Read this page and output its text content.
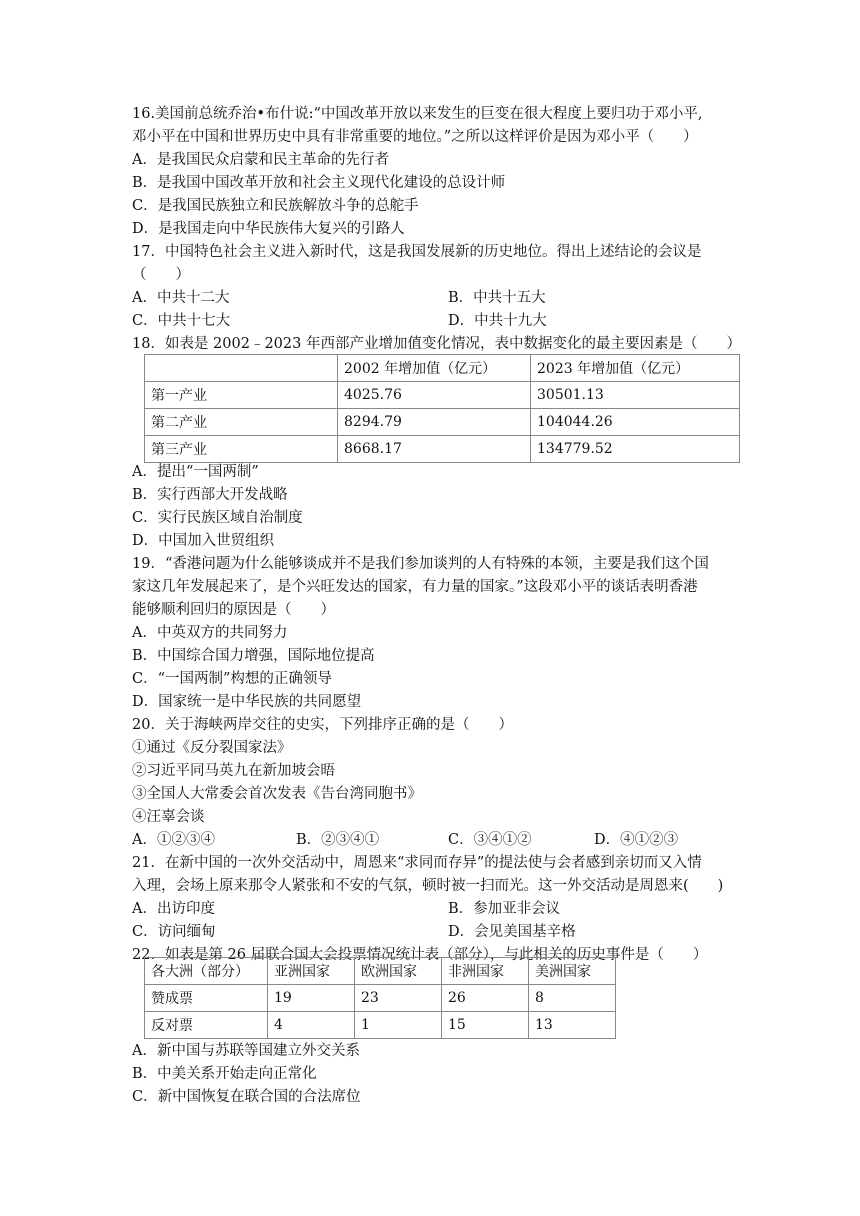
16.美国前总统乔治•布什说:“中国改革开放以来发生的巨变在很大程度上要归功于邓小平,
邓小平在中国和世界历史中具有非常重要的地位。”之所以这样评价是因为邓小平（　　）
A．是我国民众启蒙和民主革命的先行者
B．是我国中国改革开放和社会主义现代化建设的总设计师
C．是我国民族独立和民族解放斗争的总舵手
D．是我国走向中华民族伟大复兴的引路人
17．中国特色社会主义进入新时代，这是我国发展新的历史地位。得出上述结论的会议是
（　　）
A．中共十二大	B．中共十五大
C．中共十七大	D．中共十九大
18．如表是 2002﹣2023 年西部产业增加值变化情况，表中数据变化的最主要因素是（　　）
	2002 年增加值（亿元）	2023 年增加值（亿元）
第一产业	4025.76	30501.13
第二产业	8294.79	104044.26
第三产业	8668.17	134779.52
A．提出“一国两制”
B．实行西部大开发战略
C．实行民族区域自治制度
D．中国加入世贸组织
19．“香港问题为什么能够谈成并不是我们参加谈判的人有特殊的本领，主要是我们这个国
家这几年发展起来了，是个兴旺发达的国家，有力量的国家。”这段邓小平的谈话表明香港
能够顺利回归的原因是（　　）
A．中英双方的共同努力
B．中国综合国力增强，国际地位提高
C．“一国两制”构想的正确领导
D．国家统一是中华民族的共同愿望
20．关于海峡两岸交往的史实，下列排序正确的是（　　）
①通过《反分裂国家法》
②习近平同马英九在新加坡会晤
③全国人大常委会首次发表《告台湾同胞书》
④汪辜会谈
A．①②③④	B．②③④①	C．③④①②	D．④①②③
21．在新中国的一次外交活动中，周恩来“求同而存异”的提法使与会者感到亲切而又入情
入理，会场上原来那令人紧张和不安的气氛，顿时被一扫而光。这一外交活动是周恩来(　　)
A．出访印度	B．参加亚非会议
C．访问缅甸	D．会见美国基辛格
22．如表是第 26 届联合国大会投票情况统计表（部分），与此相关的历史事件是（　　）
各大洲（部分）	亚洲国家	欧洲国家	非洲国家	美洲国家
赞成票	19	23	26	8
反对票	4	1	15	13
A．新中国与苏联等国建立外交关系
B．中美关系开始走向正常化
C．新中国恢复在联合国的合法席位
